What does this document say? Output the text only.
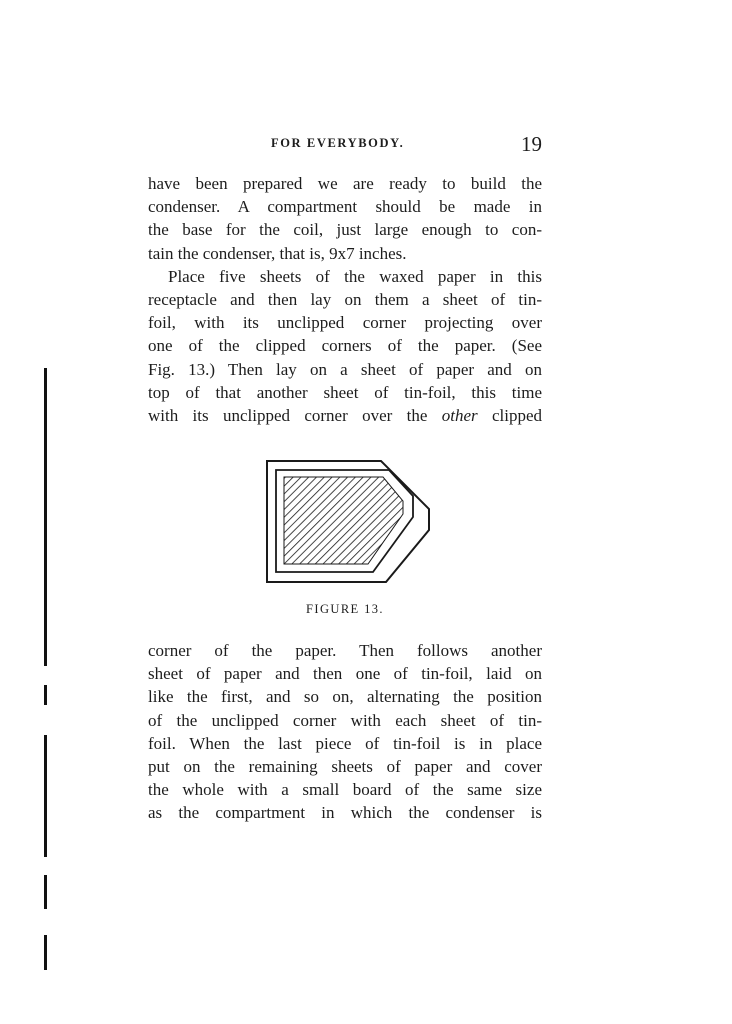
FOR EVERYBODY.	19

have been prepared we are ready to build the
condenser. A compartment should be made in
the base for the coil, just large enough to con-
tain the condenser, that is, 9x7 inches.

Place five sheets of the waxed paper in this
receptacle and then lay on them a sheet of tin-
foil, with its unclipped corner projecting over
one of the clipped corners of the paper. (See
Fig. 13.) Then lay on a sheet of paper and on
top of that another sheet of tin-foil, this time
with its unclipped corner over the other clipped

FIGURE 13.

corner of the paper. Then follows another
sheet of paper and then one of tin-foil, laid on
like the first, and so on, alternating the position
of the unclipped corner with each sheet of tin-
foil. When the last piece of tin-foil is in place
put on the remaining sheets of paper and cover
the whole with a small board of the same size
as the compartment in which the condenser is
